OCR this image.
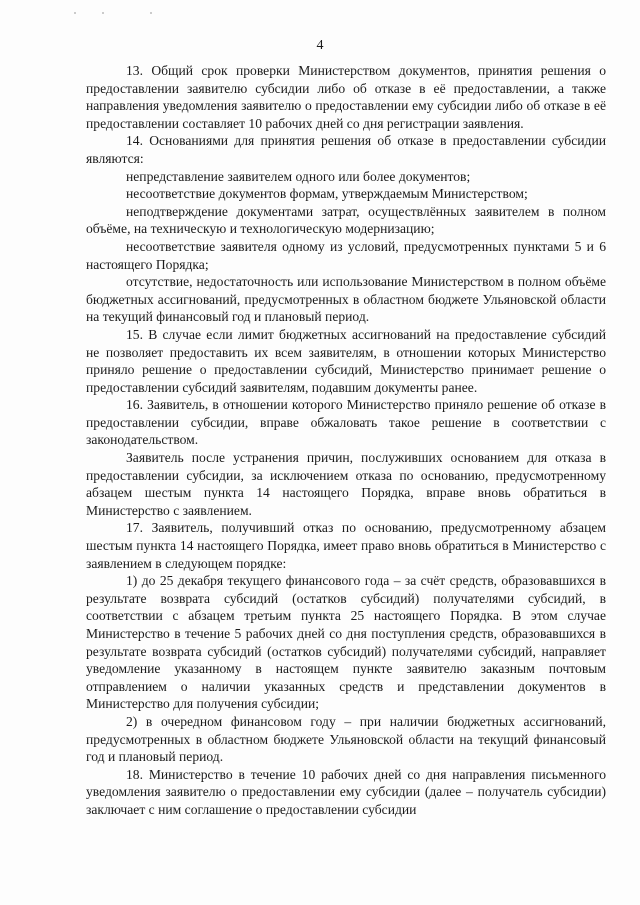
4

13. Общий срок проверки Министерством документов, принятия решения о предоставлении заявителю субсидии либо об отказе в её предоставлении, а также направления уведомления заявителю о предоставлении ему субсидии либо об отказе в её предоставлении составляет 10 рабочих дней со дня регистрации заявления.

14. Основаниями для принятия решения об отказе в предоставлении субсидии являются:

непредставление заявителем одного или более документов;

несоответствие документов формам, утверждаемым Министерством;

неподтверждение документами затрат, осуществлённых заявителем в полном объёме, на техническую и технологическую модернизацию;

несоответствие заявителя одному из условий, предусмотренных пунктами 5 и 6 настоящего Порядка;

отсутствие, недостаточность или использование Министерством в полном объёме бюджетных ассигнований, предусмотренных в областном бюджете Ульяновской области на текущий финансовый год и плановый период.

15. В случае если лимит бюджетных ассигнований на предоставление субсидий не позволяет предоставить их всем заявителям, в отношении которых Министерство приняло решение о предоставлении субсидий, Министерство принимает решение о предоставлении субсидий заявителям, подавшим документы ранее.

16. Заявитель, в отношении которого Министерство приняло решение об отказе в предоставлении субсидии, вправе обжаловать такое решение в соответствии с законодательством.

Заявитель после устранения причин, послуживших основанием для отказа в предоставлении субсидии, за исключением отказа по основанию, предусмотренному абзацем шестым пункта 14 настоящего Порядка, вправе вновь обратиться в Министерство с заявлением.

17. Заявитель, получивший отказ по основанию, предусмотренному абзацем шестым пункта 14 настоящего Порядка, имеет право вновь обратиться в Министерство с заявлением в следующем порядке:

1) до 25 декабря текущего финансового года – за счёт средств, образовавшихся в результате возврата субсидий (остатков субсидий) получателями субсидий, в соответствии с абзацем третьим пункта 25 настоящего Порядка. В этом случае Министерство в течение 5 рабочих дней со дня поступления средств, образовавшихся в результате возврата субсидий (остатков субсидий) получателями субсидий, направляет уведомление указанному в настоящем пункте заявителю заказным почтовым отправлением о наличии указанных средств и представлении документов в Министерство для получения субсидии;

2) в очередном финансовом году – при наличии бюджетных ассигнований, предусмотренных в областном бюджете Ульяновской области на текущий финансовый год и плановый период.

18. Министерство в течение 10 рабочих дней со дня направления письменного уведомления заявителю о предоставлении ему субсидии (далее – получатель субсидии) заключает с ним соглашение о предоставлении субсидии
